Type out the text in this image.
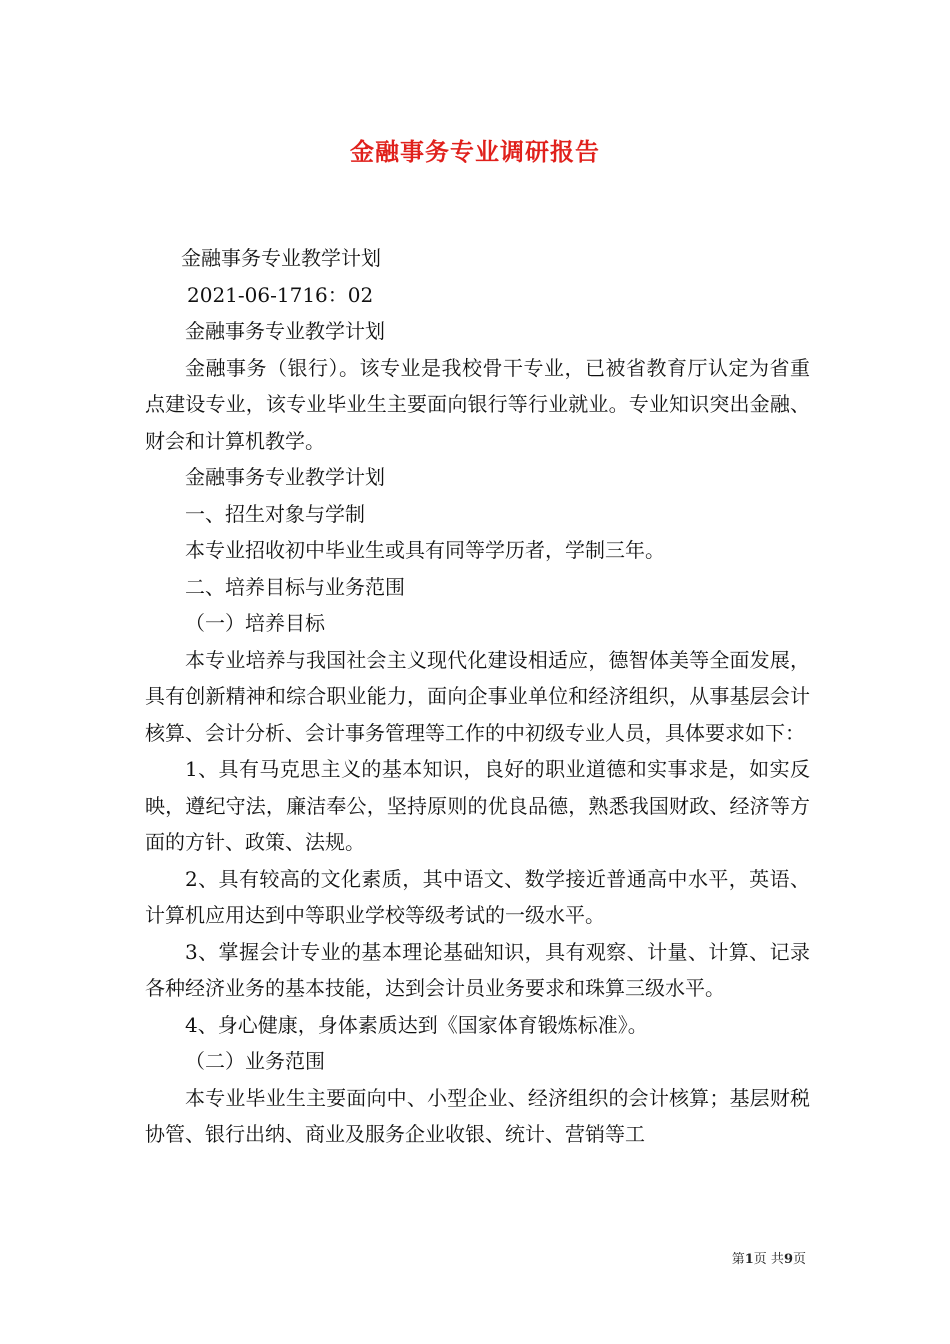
金融事务专业调研报告

金融事务专业教学计划

2021-06-1716：02

金融事务专业教学计划

金融事务（银行）。该专业是我校骨干专业，已被省教育厅认定为省重点建设专业，该专业毕业生主要面向银行等行业就业。专业知识突出金融、财会和计算机教学。

金融事务专业教学计划

一、招生对象与学制

本专业招收初中毕业生或具有同等学历者，学制三年。

二、培养目标与业务范围

（一）培养目标

本专业培养与我国社会主义现代化建设相适应，德智体美等全面发展，具有创新精神和综合职业能力，面向企事业单位和经济组织，从事基层会计核算、会计分析、会计事务管理等工作的中初级专业人员，具体要求如下：

1、具有马克思主义的基本知识，良好的职业道德和实事求是，如实反映，遵纪守法，廉洁奉公，坚持原则的优良品德，熟悉我国财政、经济等方面的方针、政策、法规。

2、具有较高的文化素质，其中语文、数学接近普通高中水平，英语、计算机应用达到中等职业学校等级考试的一级水平。

3、掌握会计专业的基本理论基础知识，具有观察、计量、计算、记录各种经济业务的基本技能，达到会计员业务要求和珠算三级水平。

4、身心健康，身体素质达到《国家体育锻炼标准》。

（二）业务范围

本专业毕业生主要面向中、小型企业、经济组织的会计核算；基层财税协管、银行出纳、商业及服务企业收银、统计、营销等工

第1页 共9页
